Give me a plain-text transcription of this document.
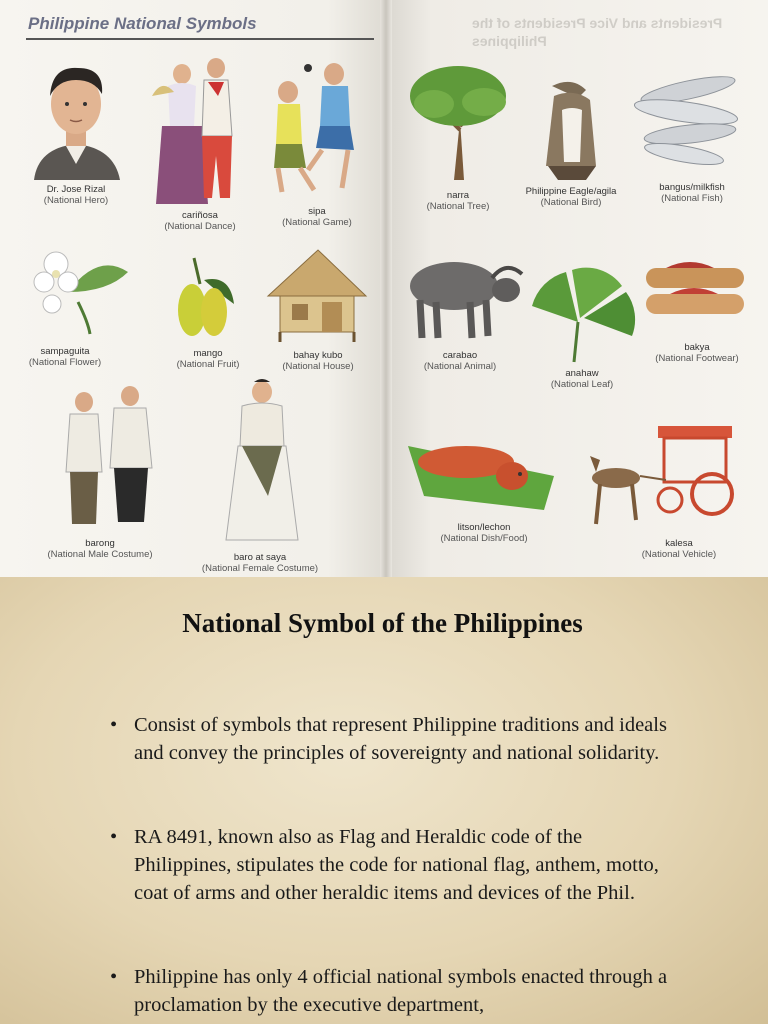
Philippine National Symbols	Presidents and Vice Presidents of the Philippines
Dr. Jose Rizal
(National Hero)
cariñosa
(National Dance)
sipa
(National Game)
sampaguita
(National Flower)
mango
(National Fruit)
bahay kubo
(National House)
barong
(National Male Costume)	baro at saya
(National Female Costume)
narra
(National Tree)
Philippine Eagle/agila
(National Bird)
bangus/milkfish
(National Fish)
carabao
(National Animal)
anahaw
(National Leaf)
bakya
(National Footwear)
litson/lechon
(National Dish/Food)	kalesa
(National Vehicle)
National Symbol of the Philippines
• Consist of symbols that represent Philippine traditions and ideals and convey the principles of sovereignty and national solidarity.
• RA 8491, known also as Flag and Heraldic code of the Philippines, stipulates the code for national flag, anthem, motto, coat of arms and other heraldic items and devices of the Phil.
• Philippine has only 4 official national symbols enacted through a proclamation by the executive department,
